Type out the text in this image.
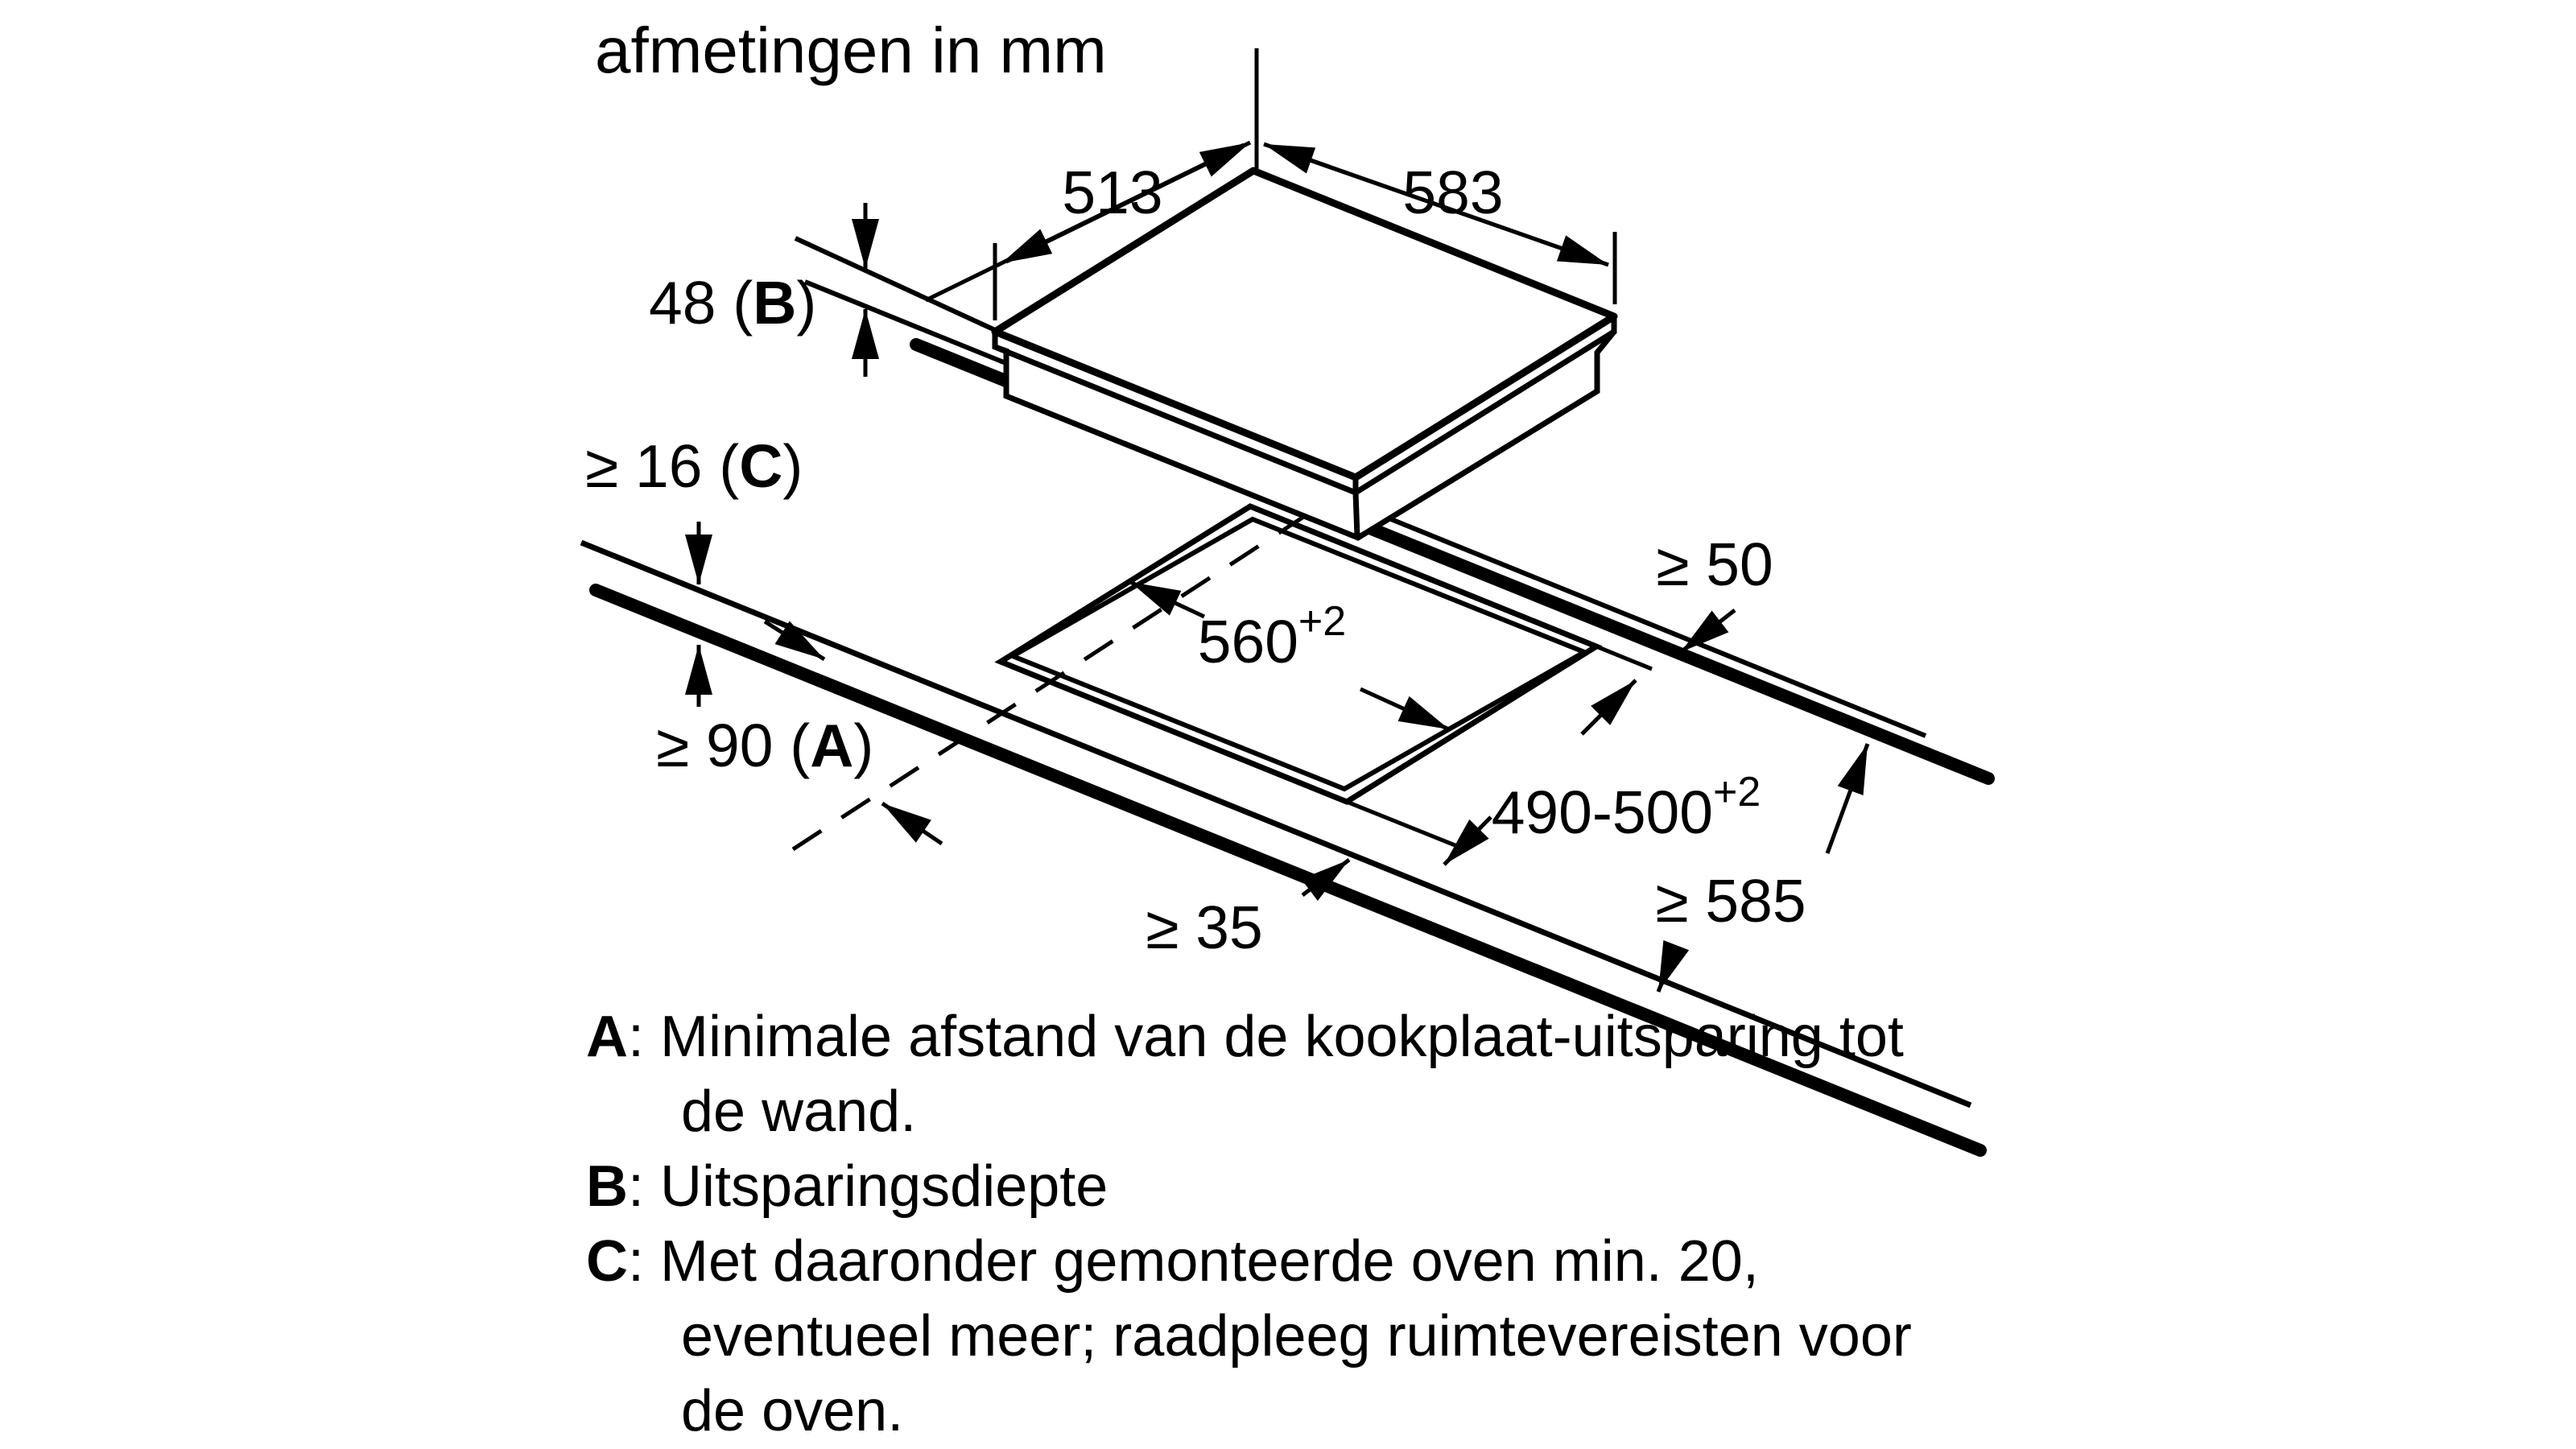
513	583
48 (B)
≥ 16 (C)
≥ 90 (A)
$560^{+2}$
$490-500^{+2}$
≥ 50
≥ 35	≥ 585
afmetingen in mm
A: Minimale afstand van de kookplaat-uitsparing tot de wand.
B: Uitsparingsdiepte
C: Met daaronder gemonteerde oven min. 20, eventueel meer; raadpleeg ruimtevereisten voor de oven.
